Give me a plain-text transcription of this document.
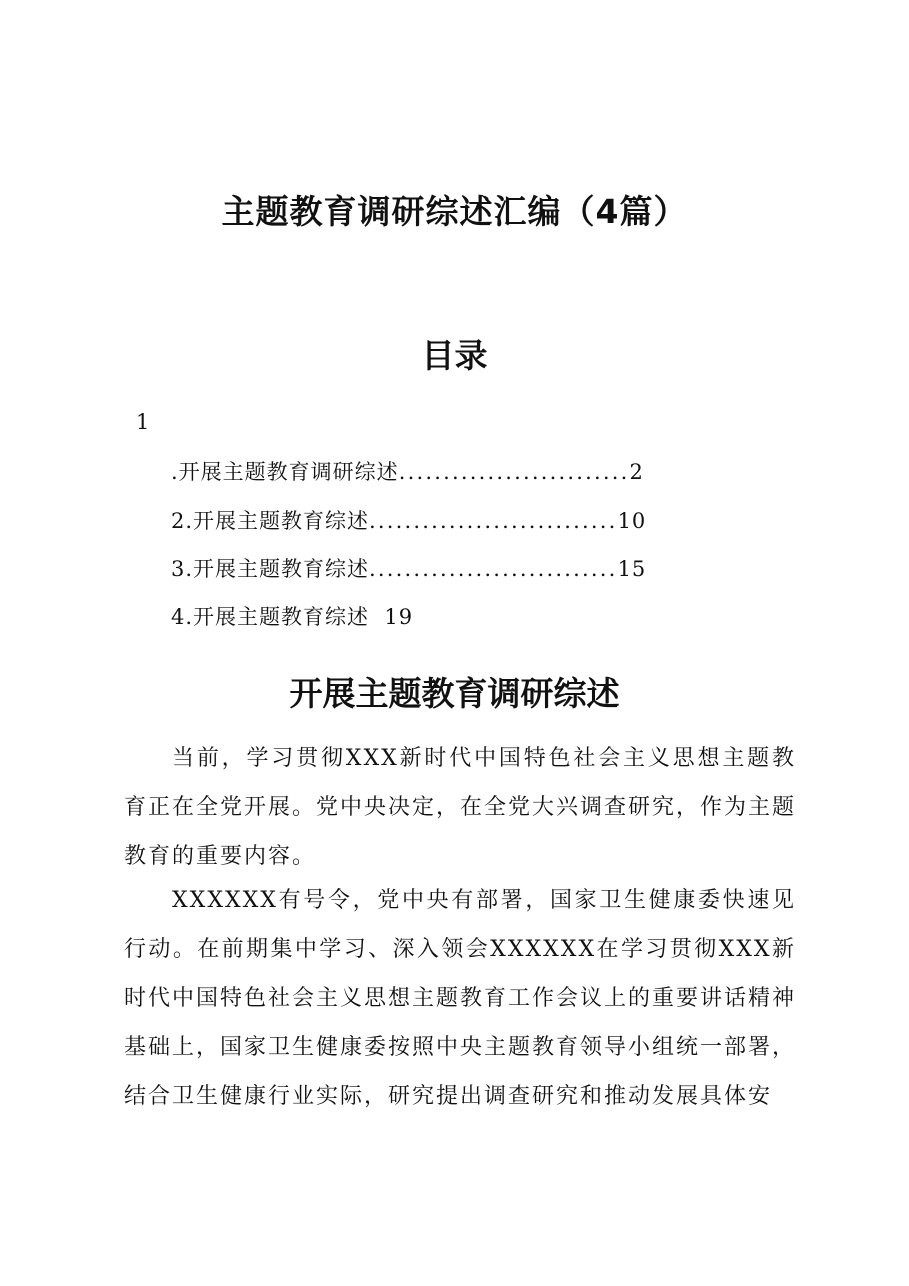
主题教育调研综述汇编（4篇）
目录
1
.开展主题教育调研综述..........................2
2.开展主题教育综述............................10
3.开展主题教育综述............................15
4.开展主题教育综述 19
开展主题教育调研综述
当前，学习贯彻XXX新时代中国特色社会主义思想主题教育正在全党开展。党中央决定，在全党大兴调查研究，作为主题教育的重要内容。
XXXXXX有号令，党中央有部署，国家卫生健康委快速见行动。在前期集中学习、深入领会XXXXXX在学习贯彻XXX新时代中国特色社会主义思想主题教育工作会议上的重要讲话精神基础上，国家卫生健康委按照中央主题教育领导小组统一部署，结合卫生健康行业实际，研究提出调查研究和推动发展具体安
